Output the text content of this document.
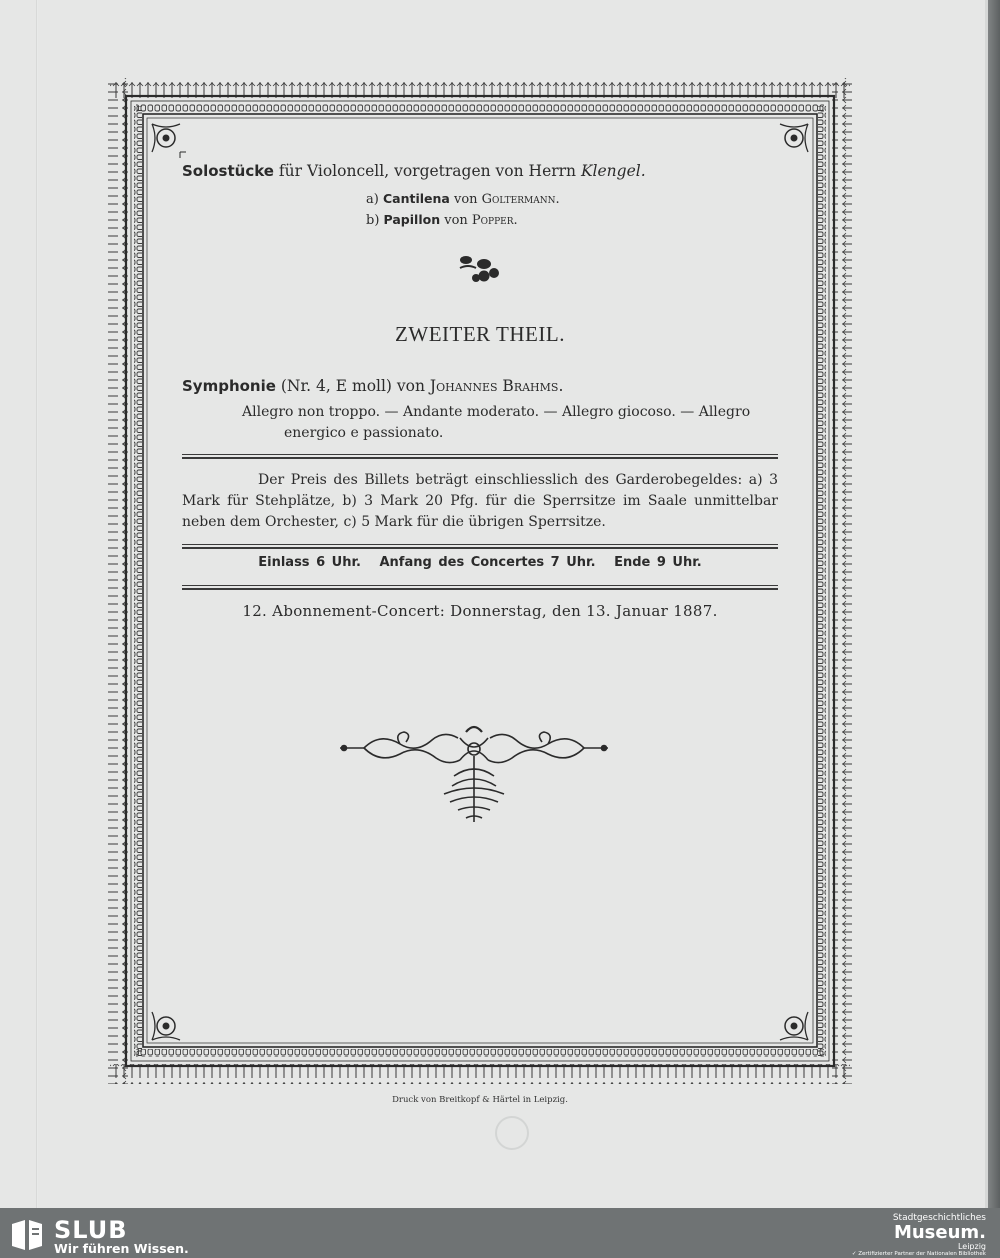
Solostücke für Violoncell, vorgetragen von Herrn Klengel.
a) Cantilena von Goltermann.
b) Papillon von Popper.
ZWEITER THEIL.
Symphonie (Nr. 4, E moll) von Johannes Brahms.
Allegro non troppo. — Andante moderato. — Allegro giocoso. — Allegro
energico e passionato.
Der Preis des Billets beträgt einschliesslich des Garderobegeldes: a) 3 Mark für Stehplätze, b) 3 Mark 20 Pfg. für die Sperrsitze im Saale unmittelbar neben dem Orchester, c) 5 Mark für die übrigen Sperrsitze.
Einlass 6 Uhr. Anfang des Concertes 7 Uhr. Ende 9 Uhr.
12. Abonnement-Concert: Donnerstag, den 13. Januar 1887.
Druck von Breitkopf & Härtel in Leipzig.
SLUB
Wir führen Wissen.
Stadtgeschichtliches
Museum.
Leipzig
✓ Zertifizierter Partner der Nationalen Bibliothek
